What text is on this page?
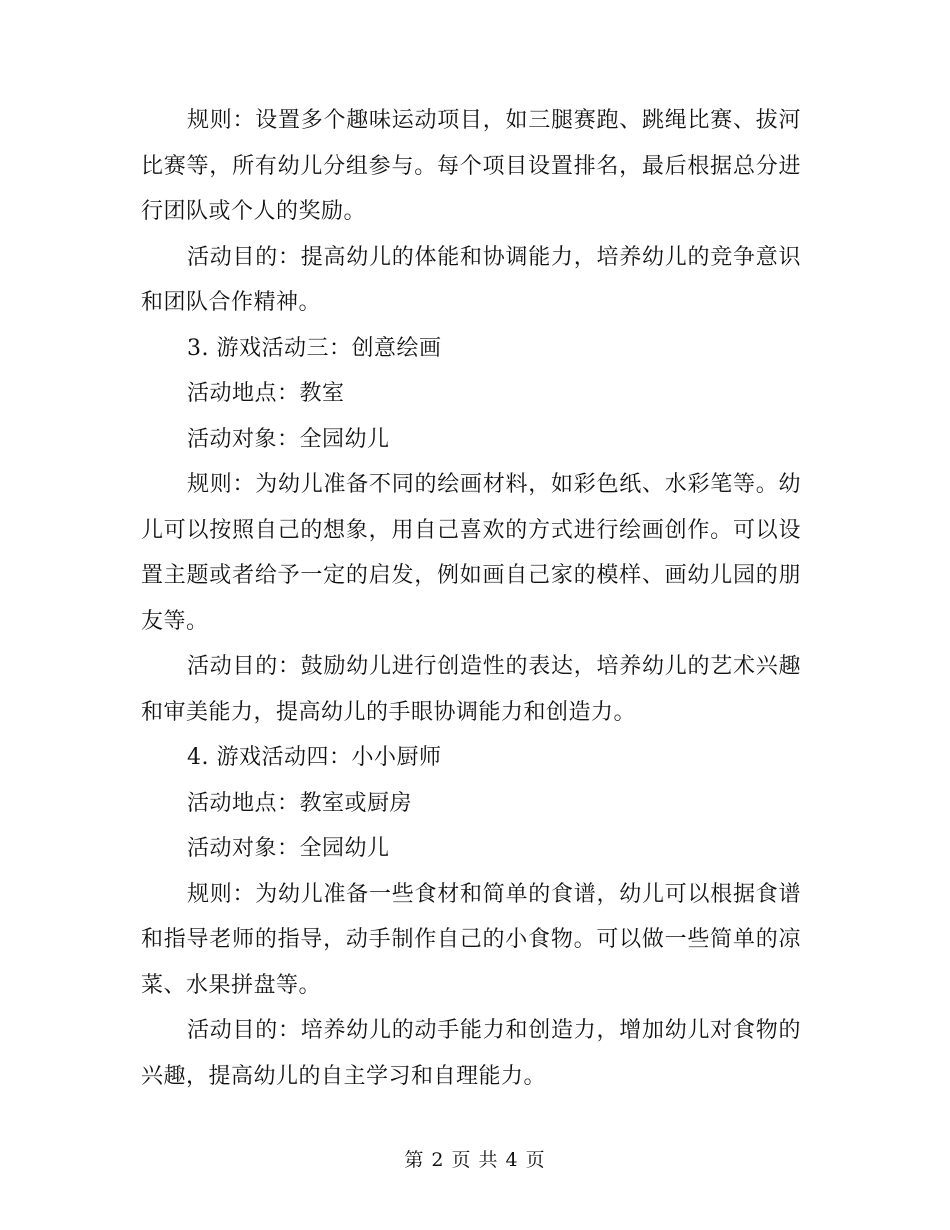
规则：设置多个趣味运动项目，如三腿赛跑、跳绳比赛、拔河比赛等，所有幼儿分组参与。每个项目设置排名，最后根据总分进行团队或个人的奖励。

活动目的：提高幼儿的体能和协调能力，培养幼儿的竞争意识和团队合作精神。

3. 游戏活动三：创意绘画

活动地点：教室

活动对象：全园幼儿

规则：为幼儿准备不同的绘画材料，如彩色纸、水彩笔等。幼儿可以按照自己的想象，用自己喜欢的方式进行绘画创作。可以设置主题或者给予一定的启发，例如画自己家的模样、画幼儿园的朋友等。

活动目的：鼓励幼儿进行创造性的表达，培养幼儿的艺术兴趣和审美能力，提高幼儿的手眼协调能力和创造力。

4. 游戏活动四：小小厨师

活动地点：教室或厨房

活动对象：全园幼儿

规则：为幼儿准备一些食材和简单的食谱，幼儿可以根据食谱和指导老师的指导，动手制作自己的小食物。可以做一些简单的凉菜、水果拼盘等。

活动目的：培养幼儿的动手能力和创造力，增加幼儿对食物的兴趣，提高幼儿的自主学习和自理能力。

第 2 页 共 4 页
